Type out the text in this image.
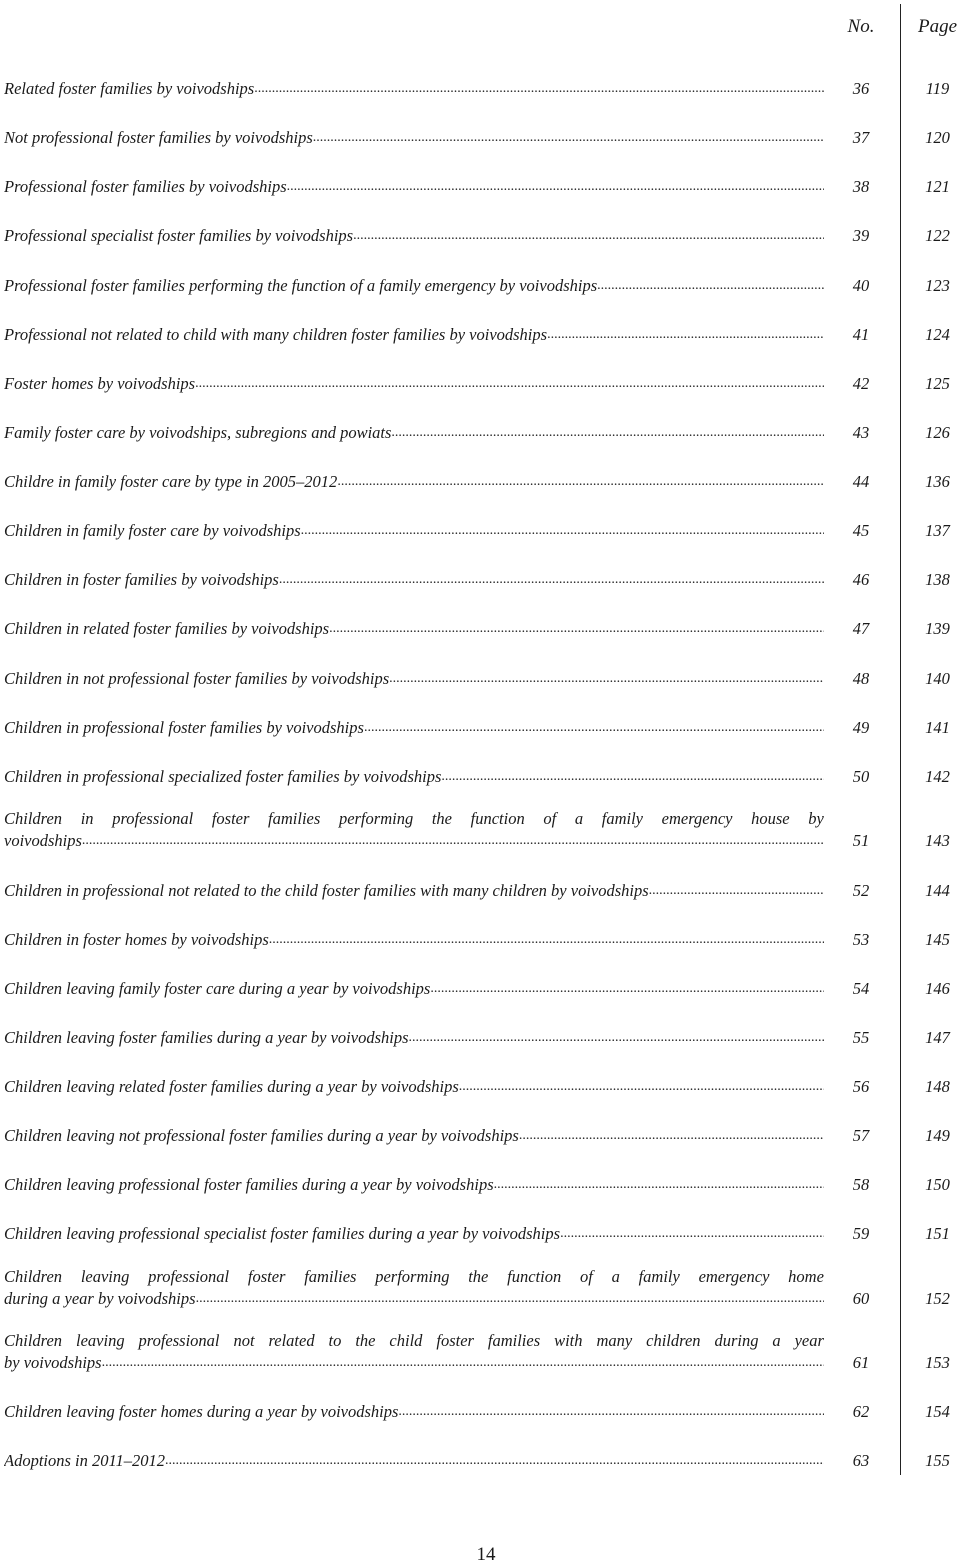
No. Page
Related foster families by voivodships .....	36	119
Not professional foster families by voivodships .....	37	120
Professional foster families by voivodships .....	38	121
Professional specialist foster families by voivodships .....	39	122
Professional foster families performing the function of a family emergency by voivodships .....	40	123
Professional not related to child with many children foster families by voivodships .....	41	124
Foster homes by voivodships .....	42	125
Family foster care by voivodships, subregions and powiats .....	43	126
Childre in family foster care by type in 2005–2012 .....	44	136
Children in family foster care by voivodships .....	45	137
Children in foster families by voivodships .....	46	138
Children in related foster families by voivodships .....	47	139
Children in not professional foster families by voivodships .....	48	140
Children in professional foster families by voivodships .....	49	141
Children in professional specialized foster families by voivodships .....	50	142
Children in professional foster families performing the function of a family emergency house by
voivodships .....	51	143
Children in professional not related to the child foster families with many children by voivodships .....	52	144
Children in foster homes by voivodships .....	53	145
Children leaving family foster care during a year by voivodships .....	54	146
Children leaving foster families during a year by voivodships .....	55	147
Children leaving related foster families during a year by voivodships .....	56	148
Children leaving not professional foster families during a year by voivodships .....	57	149
Children leaving professional foster families during a year by voivodships .....	58	150
Children leaving professional specialist foster families during a year by voivodships .....	59	151
Children leaving professional foster families performing the function of a family emergency home
during a year by voivodships .....	60	152
Children leaving professional not related to the child foster families with many children during a year
by voivodships .....	61	153
Children leaving foster homes during a year by voivodships .....	62	154
Adoptions in 2011–2012 .....	63	155
14
